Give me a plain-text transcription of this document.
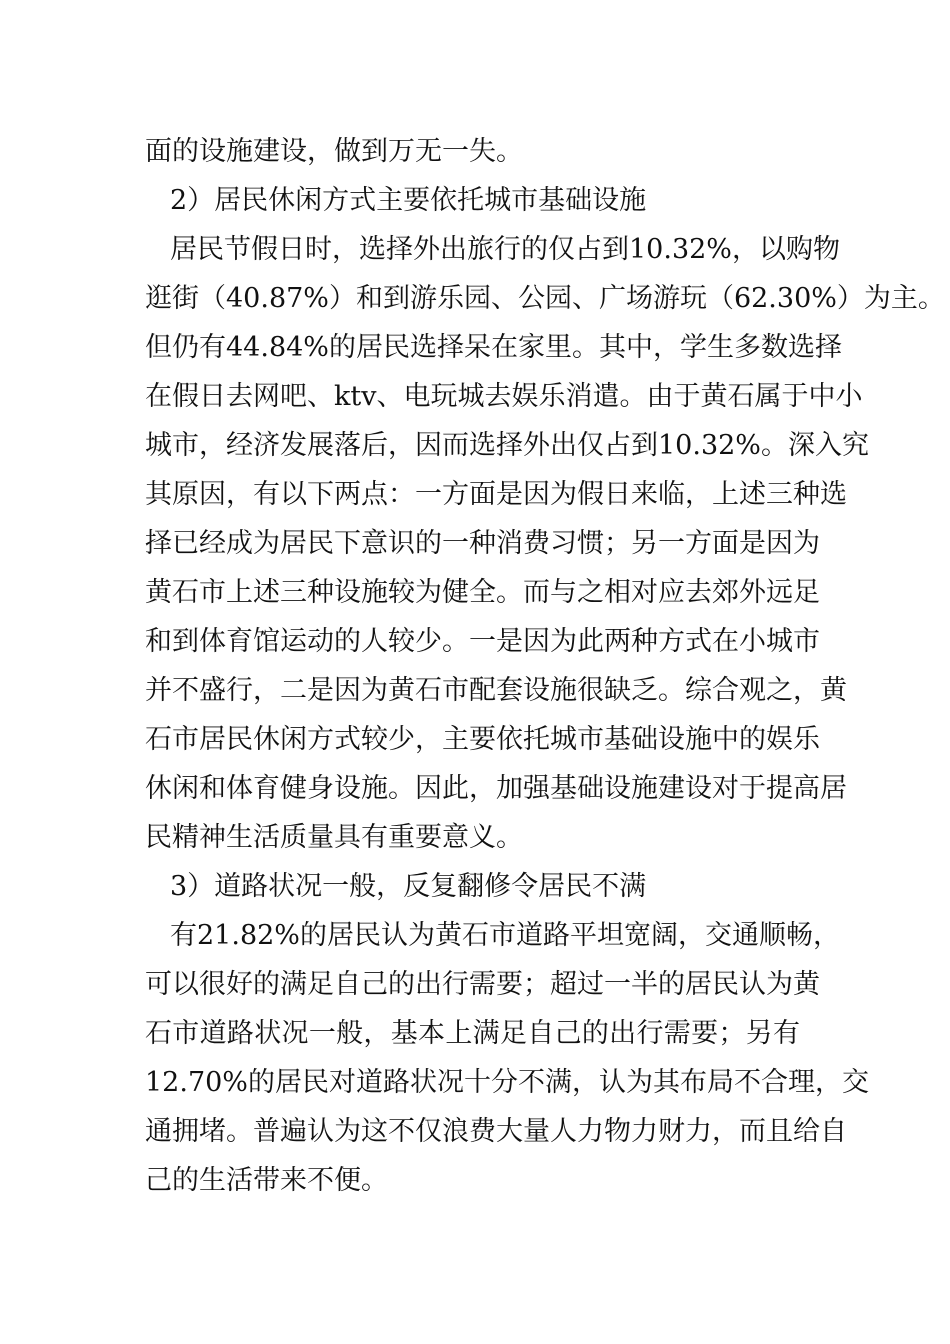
面的设施建设，做到万无一失。
2）居民休闲方式主要依托城市基础设施
居民节假日时，选择外出旅行的仅占到10.32%，以购物
逛街（40.87%）和到游乐园、公园、广场游玩（62.30%）为主。
但仍有44.84%的居民选择呆在家里。其中，学生多数选择
在假日去网吧、ktv、电玩城去娱乐消遣。由于黄石属于中小
城市，经济发展落后，因而选择外出仅占到10.32%。深入究
其原因，有以下两点：一方面是因为假日来临，上述三种选
择已经成为居民下意识的一种消费习惯；另一方面是因为
黄石市上述三种设施较为健全。而与之相对应去郊外远足
和到体育馆运动的人较少。一是因为此两种方式在小城市
并不盛行，二是因为黄石市配套设施很缺乏。综合观之，黄
石市居民休闲方式较少，主要依托城市基础设施中的娱乐
休闲和体育健身设施。因此，加强基础设施建设对于提高居
民精神生活质量具有重要意义。
3）道路状况一般，反复翻修令居民不满
有21.82%的居民认为黄石市道路平坦宽阔，交通顺畅，
可以很好的满足自己的出行需要；超过一半的居民认为黄
石市道路状况一般，基本上满足自己的出行需要；另有
12.70%的居民对道路状况十分不满，认为其布局不合理，交
通拥堵。普遍认为这不仅浪费大量人力物力财力，而且给自
己的生活带来不便。
